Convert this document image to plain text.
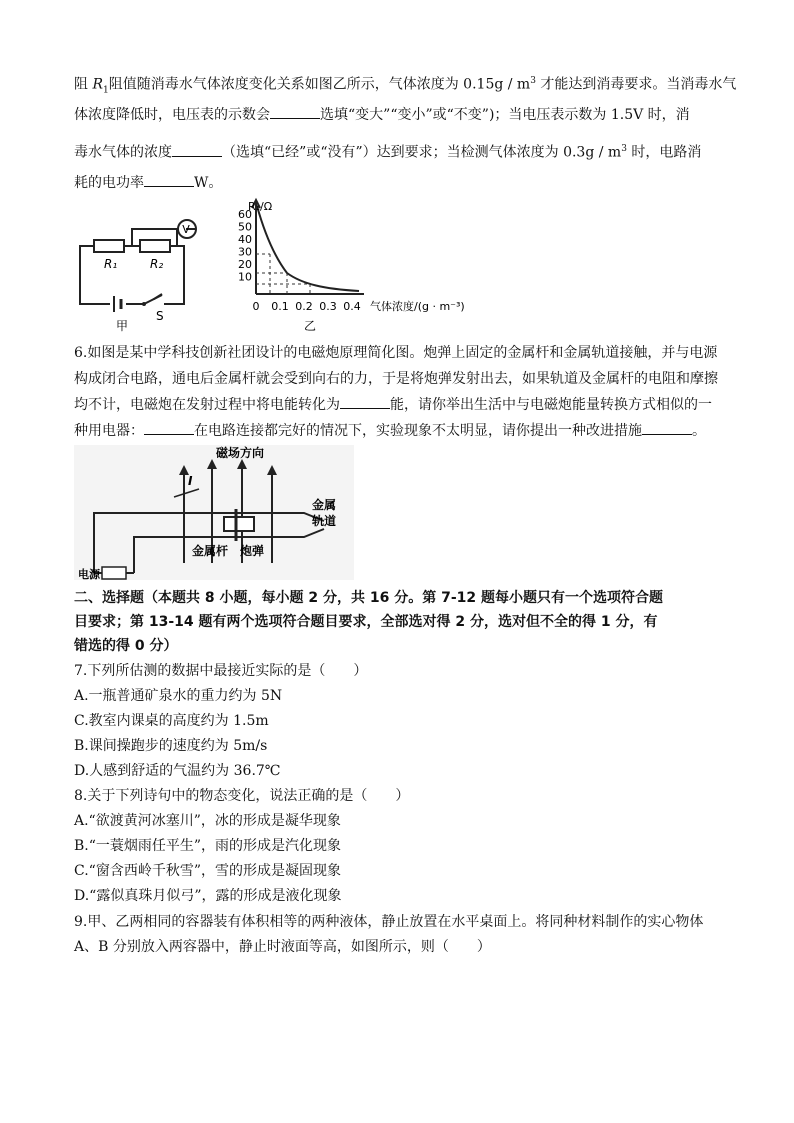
阻 $R_1$阻值随消毒水气体浓度变化关系如图乙所示，气体浓度为 $0.15g / m^3$ 才能达到消毒要求。当消毒水气
体浓度降低时，电压表的示数会	选填“变大”“变小”或“不变”)；当电压表示数为 1.5V 时，消
毒水气体的浓度	（选填“已经”或“没有”）达到要求；当检测气体浓度为 $0.3g / m^3$ 时，电路消
耗的电功率	W。
V
R₁	R₂
S
甲
60
50
40
30
20
10
0 0.1 0.2 0.3 0.4
R₁/Ω
气体浓度/(g · m⁻³)
乙
6.如图是某中学科技创新社团设计的电磁炮原理简化图。炮弹上固定的金属杆和金属轨道接触，并与电源
构成闭合电路，通电后金属杆就会受到向右的力，于是将炮弹发射出去，如果轨道及金属杆的电阻和摩擦
均不计，电磁炮在发射过程中将电能转化为	能，请你举出生活中与电磁炮能量转换方式相似的一
种用电器：	在电路连接都完好的情况下，实验现象不太明显，请你提出一种改进措施	。
磁场方向
金属
轨道
金属杆 炮弹
电源
I
二、选择题（本题共 8 小题，每小题 2 分，共 16 分。第 7-12 题每小题只有一个选项符合题
目要求；第 13-14 题有两个选项符合题目要求，全部选对得 2 分，选对但不全的得 1 分，有
错选的得 0 分）
7.下列所估测的数据中最接近实际的是（　　）
A.一瓶普通矿泉水的重力约为 5N
C.教室内课桌的高度约为 1.5m
B.课间操跑步的速度约为 5m/s
D.人感到舒适的气温约为 36.7℃
8.关于下列诗句中的物态变化，说法正确的是（　　）
A.“欲渡黄河冰塞川”，冰的形成是凝华现象
B.“一蓑烟雨任平生”，雨的形成是汽化现象
C.“窗含西岭千秋雪”，雪的形成是凝固现象
D.“露似真珠月似弓”，露的形成是液化现象
9.甲、乙两相同的容器装有体积相等的两种液体，静止放置在水平桌面上。将同种材料制作的实心物体
A、B 分别放入两容器中，静止时液面等高，如图所示，则（　　）
